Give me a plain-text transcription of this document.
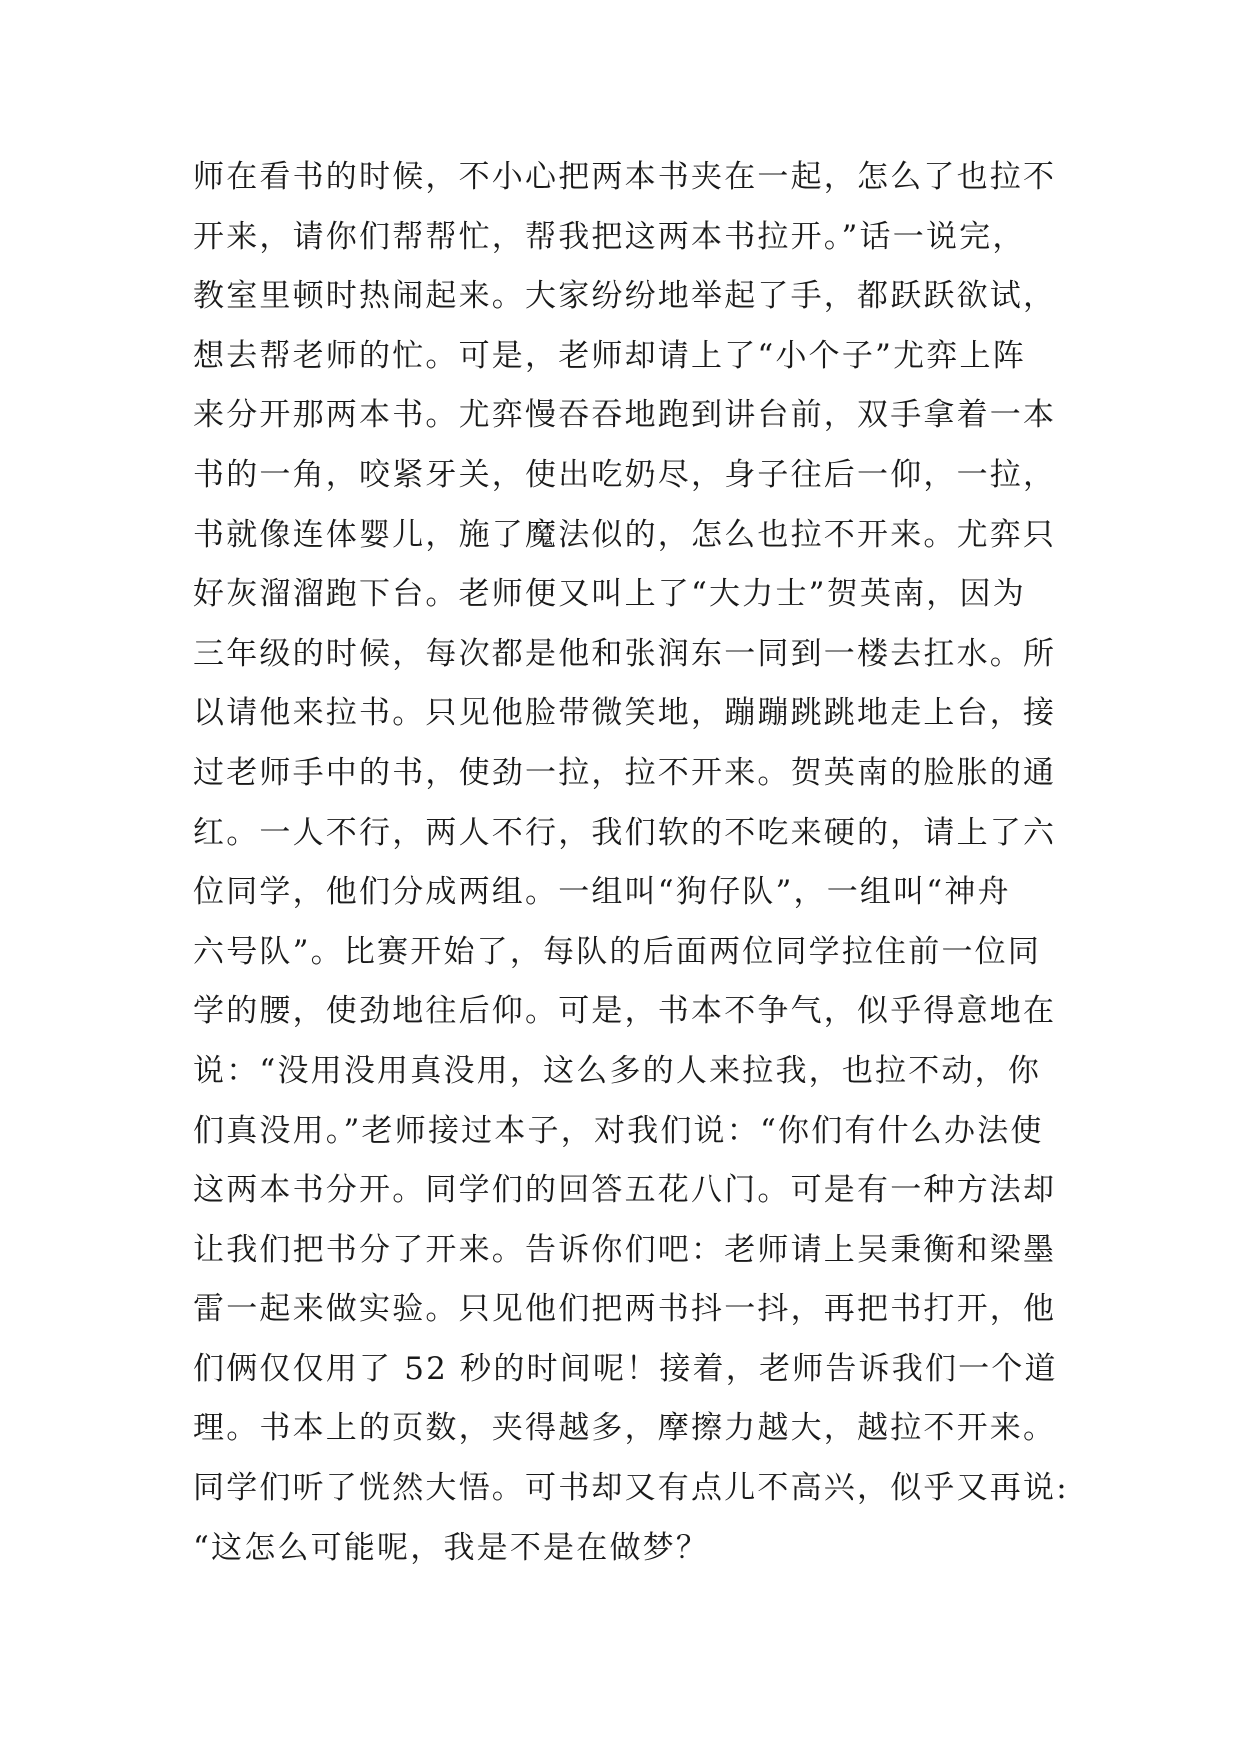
师在看书的时候，不小心把两本书夹在一起，怎么了也拉不
开来，请你们帮帮忙，帮我把这两本书拉开。”话一说完，
教室里顿时热闹起来。大家纷纷地举起了手，都跃跃欲试，
想去帮老师的忙。可是，老师却请上了“小个子”尤弈上阵
来分开那两本书。尤弈慢吞吞地跑到讲台前，双手拿着一本
书的一角，咬紧牙关，使出吃奶尽，身子往后一仰，一拉，
书就像连体婴儿，施了魔法似的，怎么也拉不开来。尤弈只
好灰溜溜跑下台。老师便又叫上了“大力士”贺英南，因为
三年级的时候，每次都是他和张润东一同到一楼去扛水。所
以请他来拉书。只见他脸带微笑地，蹦蹦跳跳地走上台，接
过老师手中的书，使劲一拉，拉不开来。贺英南的脸胀的通
红。一人不行，两人不行，我们软的不吃来硬的，请上了六
位同学，他们分成两组。一组叫“狗仔队”，一组叫“神舟
六号队”。比赛开始了，每队的后面两位同学拉住前一位同
学的腰，使劲地往后仰。可是，书本不争气，似乎得意地在
说：“没用没用真没用，这么多的人来拉我，也拉不动，你
们真没用。”老师接过本子，对我们说：“你们有什么办法使
这两本书分开。同学们的回答五花八门。可是有一种方法却
让我们把书分了开来。告诉你们吧：老师请上吴秉衡和梁墨
雷一起来做实验。只见他们把两书抖一抖，再把书打开，他
们俩仅仅用了 52 秒的时间呢！接着，老师告诉我们一个道
理。书本上的页数，夹得越多，摩擦力越大，越拉不开来。
同学们听了恍然大悟。可书却又有点儿不高兴，似乎又再说:
“这怎么可能呢，我是不是在做梦？
